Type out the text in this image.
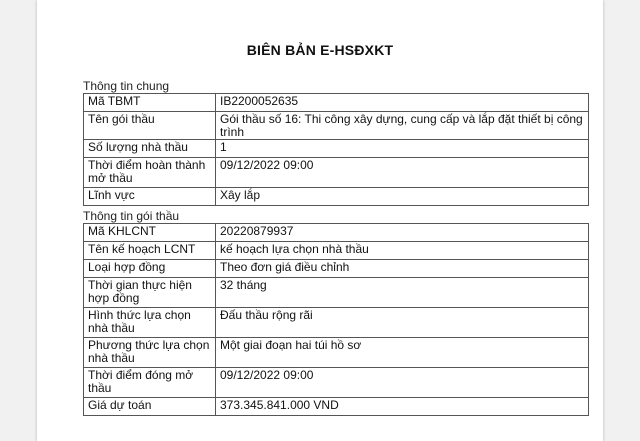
BIÊN BẢN E-HSĐXKT
Thông tin chung
Mã TBMT	IB2200052635
Tên gói thầu	Gói thầu số 16: Thi công xây dựng, cung cấp và lắp đặt thiết bị công trình
Số lượng nhà thầu	1
Thời điểm hoàn thành mở thầu	09/12/2022 09:00
Lĩnh vực	Xây lắp
Thông tin gói thầu
Mã KHLCNT	20220879937
Tên kế hoạch LCNT	kế hoạch lựa chọn nhà thầu
Loại hợp đồng	Theo đơn giá điều chỉnh
Thời gian thực hiện hợp đồng	32 tháng
Hình thức lựa chọn nhà thầu	Đấu thầu rộng rãi
Phương thức lựa chọn nhà thầu	Một giai đoạn hai túi hồ sơ
Thời điểm đóng mở thầu	09/12/2022 09:00
Giá dự toán	373.345.841.000 VND
